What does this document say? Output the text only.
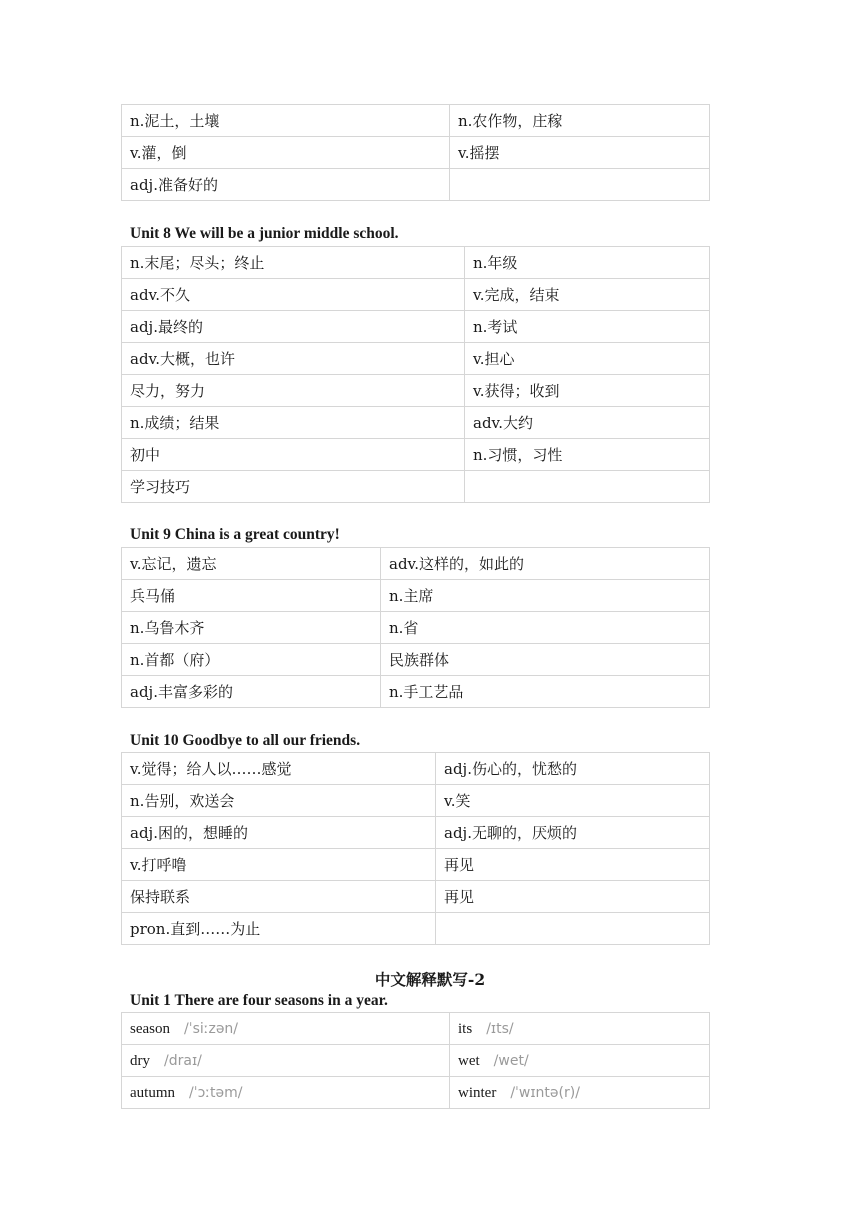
n.泥土，土壤	n.农作物，庄稼
v.灌，倒	v.摇摆
adj.准备好的	
Unit 8 We will be a junior middle school.
n.末尾；尽头；终止	n.年级
adv.不久	v.完成，结束
adj.最终的	n.考试
adv.大概，也许	v.担心
尽力，努力	v.获得；收到
n.成绩；结果	adv.大约
初中	n.习惯，习性
学习技巧	
Unit 9 China is a great country!
v.忘记，遗忘	adv.这样的，如此的
兵马俑	n.主席
n.乌鲁木齐	n.省
n.首都（府）	民族群体
adj.丰富多彩的	n.手工艺品
Unit 10 Goodbye to all our friends.
v.觉得；给人以……感觉	adj.伤心的，忧愁的
n.告别，欢送会	v.笑
adj.困的，想睡的	adj.无聊的，厌烦的
v.打呼噜	再见
保持联系	再见
pron.直到……为止	
中文解释默写-2
Unit 1 There are four seasons in a year.
season /ˈsiːzən/	its /ɪts/
dry /draɪ/	wet /wet/
autumn /ˈɔːtəm/	winter /ˈwɪntə(r)/
